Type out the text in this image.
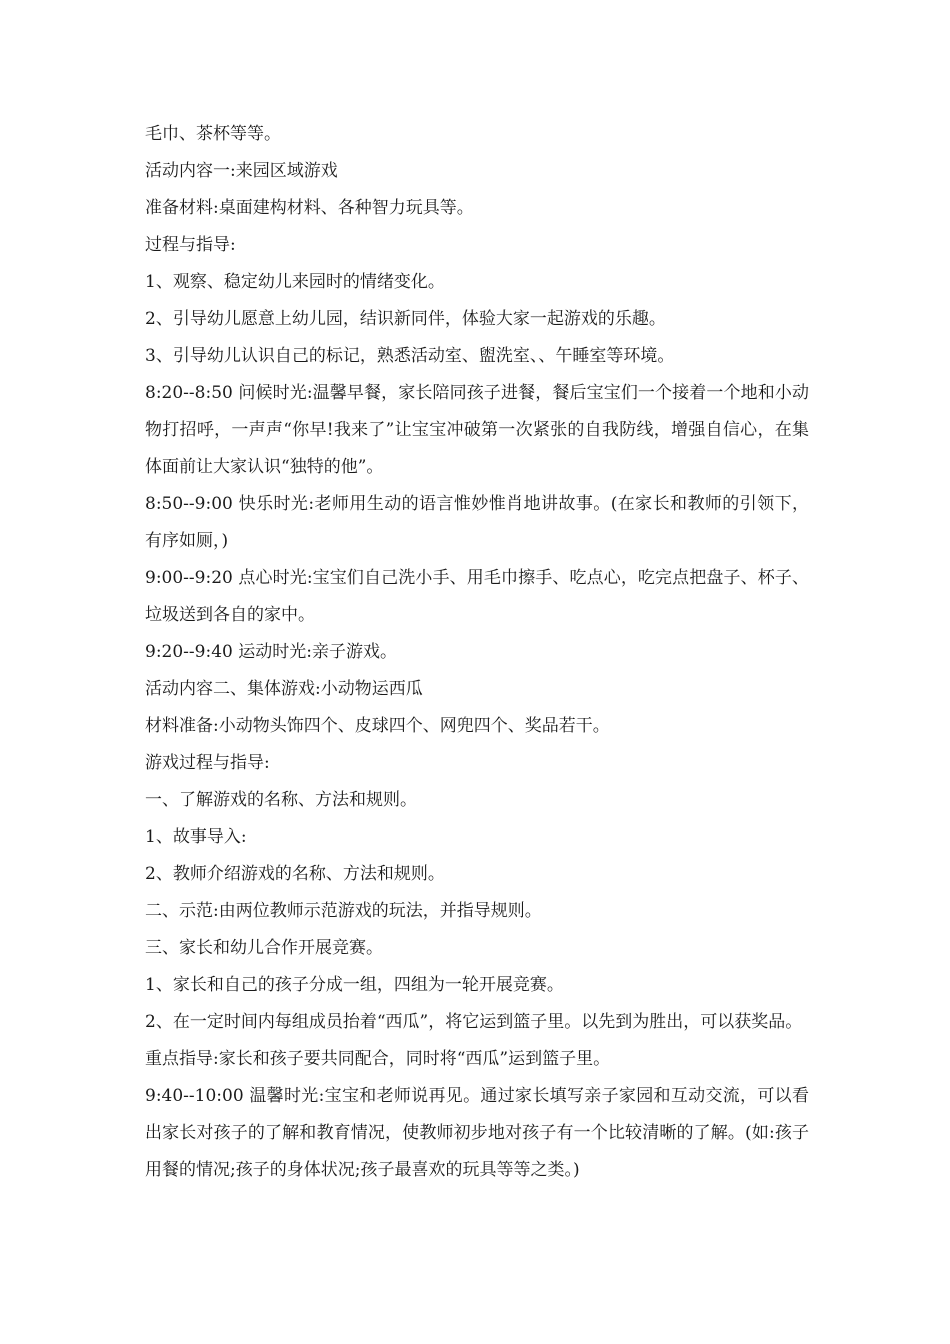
毛巾、茶杯等等。

活动内容一:来园区域游戏

准备材料:桌面建构材料、各种智力玩具等。

过程与指导:

1、观察、稳定幼儿来园时的情绪变化。

2、引导幼儿愿意上幼儿园，结识新同伴，体验大家一起游戏的乐趣。

3、引导幼儿认识自己的标记，熟悉活动室、盥洗室、、午睡室等环境。

8:20--8:50 问候时光:温馨早餐，家长陪同孩子进餐，餐后宝宝们一个接着一个地和小动物打招呼，一声声“你早!我来了”让宝宝冲破第一次紧张的自我防线，增强自信心，在集体面前让大家认识“独特的他”。

8:50--9:00 快乐时光:老师用生动的语言惟妙惟肖地讲故事。(在家长和教师的引领下，有序如厕，)

9:00--9:20 点心时光:宝宝们自己洗小手、用毛巾擦手、吃点心，吃完点把盘子、杯子、垃圾送到各自的家中。

9:20--9:40 运动时光:亲子游戏。

活动内容二、集体游戏:小动物运西瓜

材料准备:小动物头饰四个、皮球四个、网兜四个、奖品若干。

游戏过程与指导:

一、了解游戏的名称、方法和规则。

1、故事导入:

2、教师介绍游戏的名称、方法和规则。

二、示范:由两位教师示范游戏的玩法，并指导规则。

三、家长和幼儿合作开展竞赛。

1、家长和自己的孩子分成一组，四组为一轮开展竞赛。

2、在一定时间内每组成员抬着“西瓜”，将它运到篮子里。以先到为胜出，可以获奖品。

重点指导:家长和孩子要共同配合，同时将“西瓜”运到篮子里。

9:40--10:00 温馨时光:宝宝和老师说再见。通过家长填写亲子家园和互动交流，可以看出家长对孩子的了解和教育情况，使教师初步地对孩子有一个比较清晰的了解。(如:孩子用餐的情况;孩子的身体状况;孩子最喜欢的玩具等等之类。)
